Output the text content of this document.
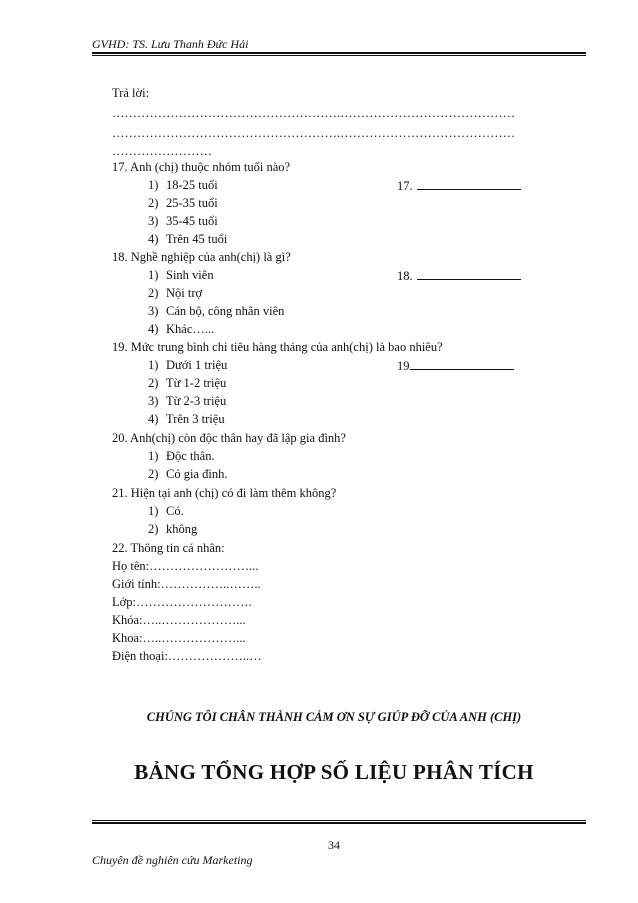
GVHD: TS. Lưu Thanh Đức Hải
Trả lời:
……………………………………………….……………………………………
……………………………………………….……………………………………
……………………
17. Anh (chị) thuộc nhóm tuổi nào?
1) 18-25 tuổi	17.
2) 25-35 tuổi
3) 35-45 tuổi
4) Trên 45 tuổi
18. Nghề nghiệp của anh(chị) là gì?
1) Sinh viên	18.
2) Nội trợ
3) Cán bộ, công nhân viên
4) Khác…...
19. Mức trung bình chi tiêu hàng tháng của anh(chị) là bao nhiêu?
1) Dưới 1 triệu	19
2) Từ 1-2 triệu
3) Từ 2-3 triệu
4) Trên 3 triệu
20. Anh(chị) còn độc thân hay đã lập gia đình?
1) Độc thân.
2) Có gia đình.
21. Hiện tại anh (chị) có đi làm thêm không?
1) Có.
2) không
22. Thông tin cá nhân:
Họ tên:……………………...
Giới tính:……………..……..
Lớp:……………………….
Khóa:…..………………...
Khoa:…..………………...
Điện thoại:………………..…
CHÚNG TÔI CHÂN THÀNH CẢM ƠN SỰ GIÚP ĐỠ CỦA ANH (CHỊ)
BẢNG TỔNG HỢP SỐ LIỆU PHÂN TÍCH
34
Chuyên đề nghiên cứu Marketing
